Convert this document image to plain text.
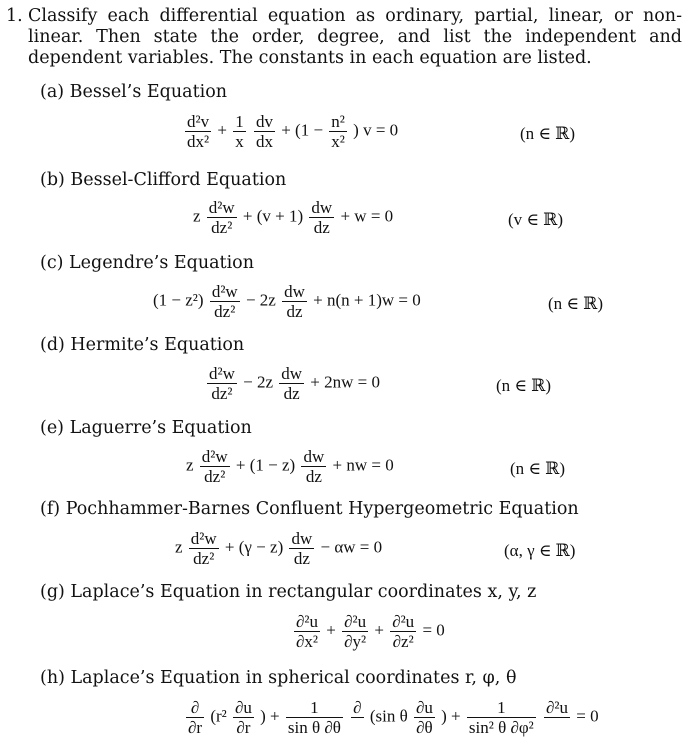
1. Classify each differential equation as ordinary, partial, linear, or non-linear. Then state the order, degree, and list the independent and dependent variables. The constants in each equation are listed.
(a) Bessel’s Equation
$\frac{\text{d²v}}{\text{dx²}} + \frac{1}{x}$
$\frac{dv}{dx} + (1 - \frac{\text{n²}}{\text{x²}}$ ) v = 0	(n ∈ ℝ)
(b) Bessel-Clifford Equation
z $\frac{\text{d²w}}{\text{dz²}} + (v + 1) \frac{dw}{dz} + w = 0$	(v ∈ ℝ)
(c) Legendre’s Equation
$(1 - z^2) \frac{\text{d²w}}{\text{dz²}} - 2z \frac{dw}{dz} + n(n + 1)w = 0$	(n ∈ ℝ)
(d) Hermite’s Equation
$\frac{\text{d²w}}{\text{dz²}} - 2z \frac{dw}{dz} + 2nw = 0$	(n ∈ ℝ)
(e) Laguerre’s Equation
z $\frac{\text{d²w}}{\text{dz²}} + (1 - z) \frac{dw}{dz}$ + nw = 0	(n ∈ ℝ)
(f) Pochhammer-Barnes Confluent Hypergeometric Equation
z $\frac{\text{d²w}}{\text{dz²}} + (\gamma - z) \frac{dw}{dz} - \alpha w = 0$	(α, γ ∈ ℝ)
(g) Laplace’s Equation in rectangular coordinates x, y, z
$\frac{\text{∂²u}}{\text{∂x²}} + \frac{\text{∂²u}}{\text{∂y²}} + \frac{\text{∂²u}}{\text{∂z²}} = 0$
(h) Laplace’s Equation in spherical coordinates r, φ, θ
$\frac{\partial}{\partial r} (r^2 \frac{\partial u}{\partial r}$ ) + $\frac{1}{\text{sin θ ∂θ}}$
∂ (sin θ $\frac{\partial u}{\partial\theta}$ ) + $\frac{1}{\text{sin² θ ∂φ²}}$
∂²u = 0
